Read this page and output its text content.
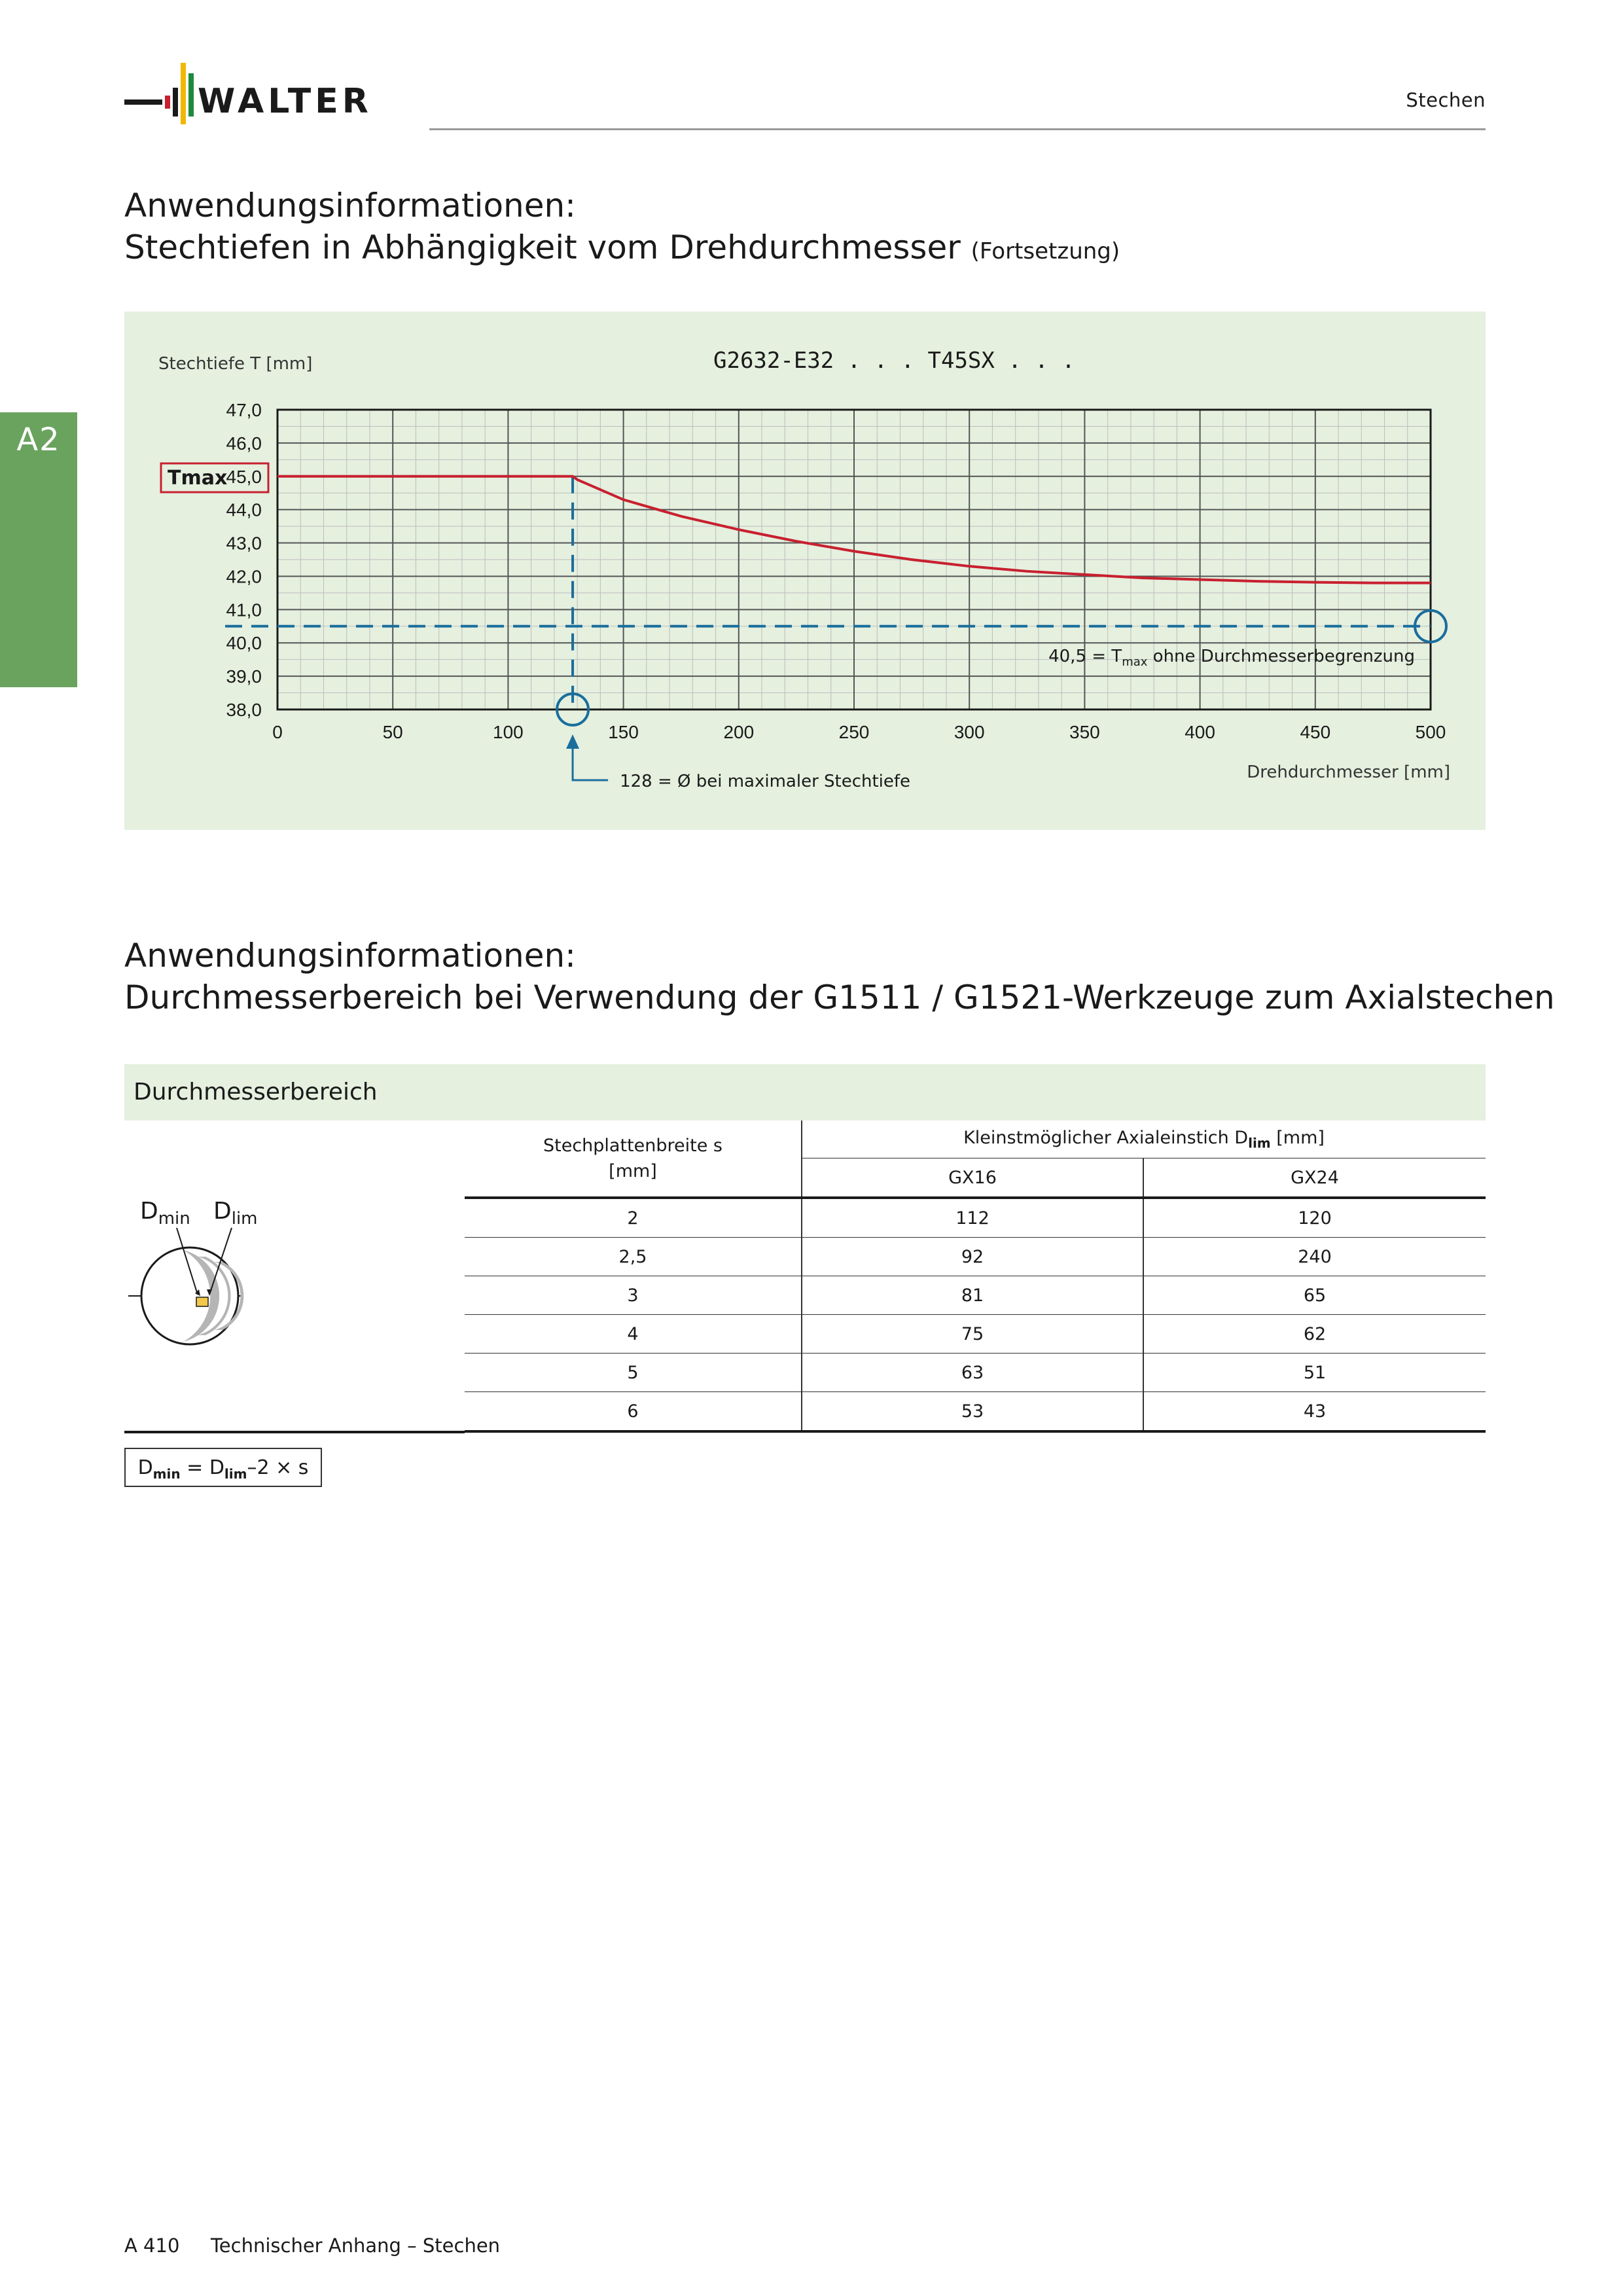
WALTER	Stechen
A2
Anwendungsinformationen:
Stechtiefen in Abhängigkeit vom Drehdurchmesser (Fortsetzung)
47,0
46,0
45,0
44,0
43,0
42,0
41,0
40,0
39,0
38,0
0	50	100	150	200	250	300	350	400	450	500
Tmax
G2632-E32 . . . T45SX . . .
Stechtiefe T [mm]
Drehdurchmesser [mm]
$40,5 = T_{max}$ ohne Durchmesserbegrenzung
128 = Ø bei maximaler Stechtiefe
Anwendungsinformationen:
Durchmesserbereich bei Verwendung der G1511 / G1521-Werkzeuge zum Axialstechen
Durchmesserbereich
$D_{min}$ $D_{lim}$
Stechplattenbreite s
[mm]	Kleinstmöglicher Axialeinstich $D_{lim}$ [mm]	
	GX16	GX24
2	112	120
2,5	92	240
3	81	65
4	75	62
5	63	51
6	53	43
$D_{min} = D_{lim}-2 \times s$
A 410 Technischer Anhang – Stechen
